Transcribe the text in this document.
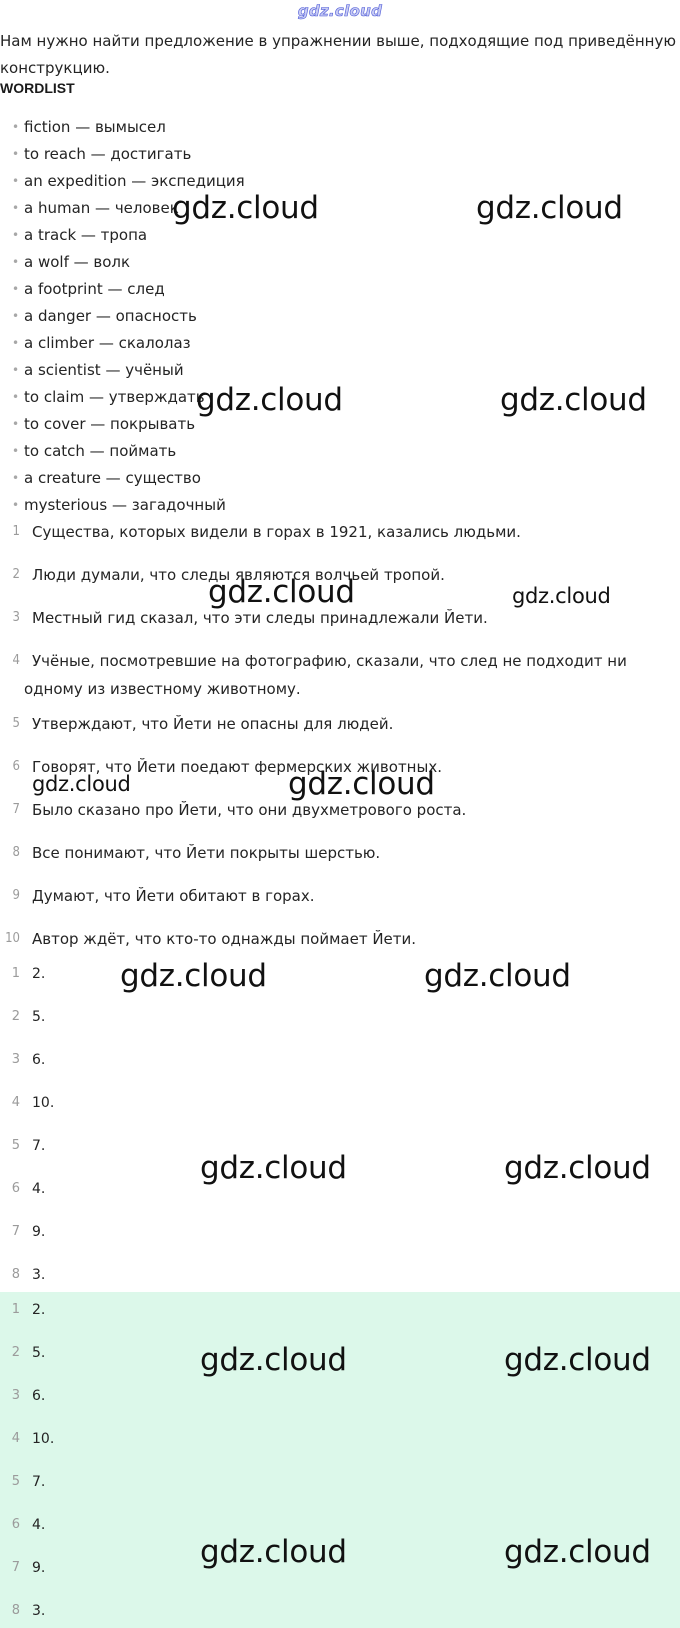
gdz.cloud

Нам нужно найти предложение в упражнении выше, подходящие под приведённую конструкцию.

WORDLIST
• fiction — вымысел
• to reach — достигать
• an expedition — экспедиция
• a human — человек
• a track — тропа
• a wolf — волк
• a footprint — след
• a danger — опасность
• a climber — скалолаз
• a scientist — учёный
• to claim — утверждать
• to cover — покрывать
• to catch — поймать
• a creature — существо
• mysterious — загадочный
1 Существа, которых видели в горах в 1921, казались людьми.
2 Люди думали, что следы являются волчьей тропой.
3 Местный гид сказал, что эти следы принадлежали Йети.
4 Учёные, посмотревшие на фотографию, сказали, что след не подходит ни одному из известному животному.
5 Утверждают, что Йети не опасны для людей.
6 Говорят, что Йети поедают фермерских животных.
7 Было сказано про Йети, что они двухметрового роста.
8 Все понимают, что Йети покрыты шерстью.
9 Думают, что Йети обитают в горах.
10 Автор ждёт, что кто-то однажды поймает Йети.
1 2.
2 5.
3 6.
4 10.
5 7.
6 4.
7 9.
8 3.
1 2.
2 5.
3 6.
4 10.
5 7.
6 4.
7 9.
8 3.
gdz.cloud	gdz.cloud
gdz.cloud	gdz.cloud
gdz.cloud	gdz.cloud
gdz.cloud	gdz.cloud
gdz.cloud	gdz.cloud
gdz.cloud	gdz.cloud
gdz.cloud	gdz.cloud
gdz.cloud	gdz.cloud
